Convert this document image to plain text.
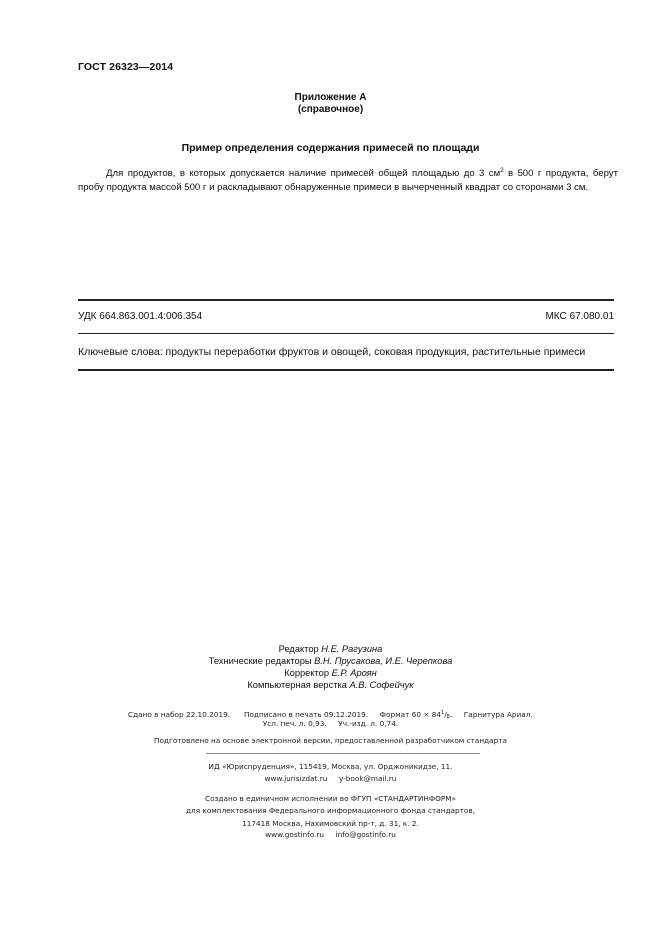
ГОСТ 26323—2014
Приложение А
(справочное)
Пример определения содержания примесей по площади
Для продуктов, в которых допускается наличие примесей общей площадью до 3 $см^2$ в 500 г продукта, берут пробу продукта массой 500 г и раскладывают обнаруженные примеси в вычерченный квадрат со сторонами 3 см.
УДК 664.863.001.4:006.354	МКС 67.080.01
Ключевые слова: продукты переработки фруктов и овощей, соковая продукция, растительные примеси
Редактор Н.Е. Рагузина
Технические редакторы В.Н. Прусакова, И.Е. Черепкова
Корректор Е.Р. Ароян
Компьютерная верстка А.В. Софейчук
Сдано в набор 22.10.2019. Подписано в печать 09.12.2019. Формат $60 \times 84^1/_8$. Гарнитура Ариал.
Усл. печ. л. 0,93.     Уч.-изд. л. 0,74.
Подготовлено на основе электронной версии, предоставленной разработчиком стандарта
ИД «Юриспруденция», 115419, Москва, ул. Орджоникидзе, 11.
www.jurisizdat.ru     y-book@mail.ru
Создано в единичном исполнении во ФГУП «СТАНДАРТИНФОРМ»
для комплектования Федерального информационного фонда стандартов,
117418 Москва, Нахимовский пр-т, д. 31, к. 2.
www.gostinfo.ru     info@gostinfo.ru
